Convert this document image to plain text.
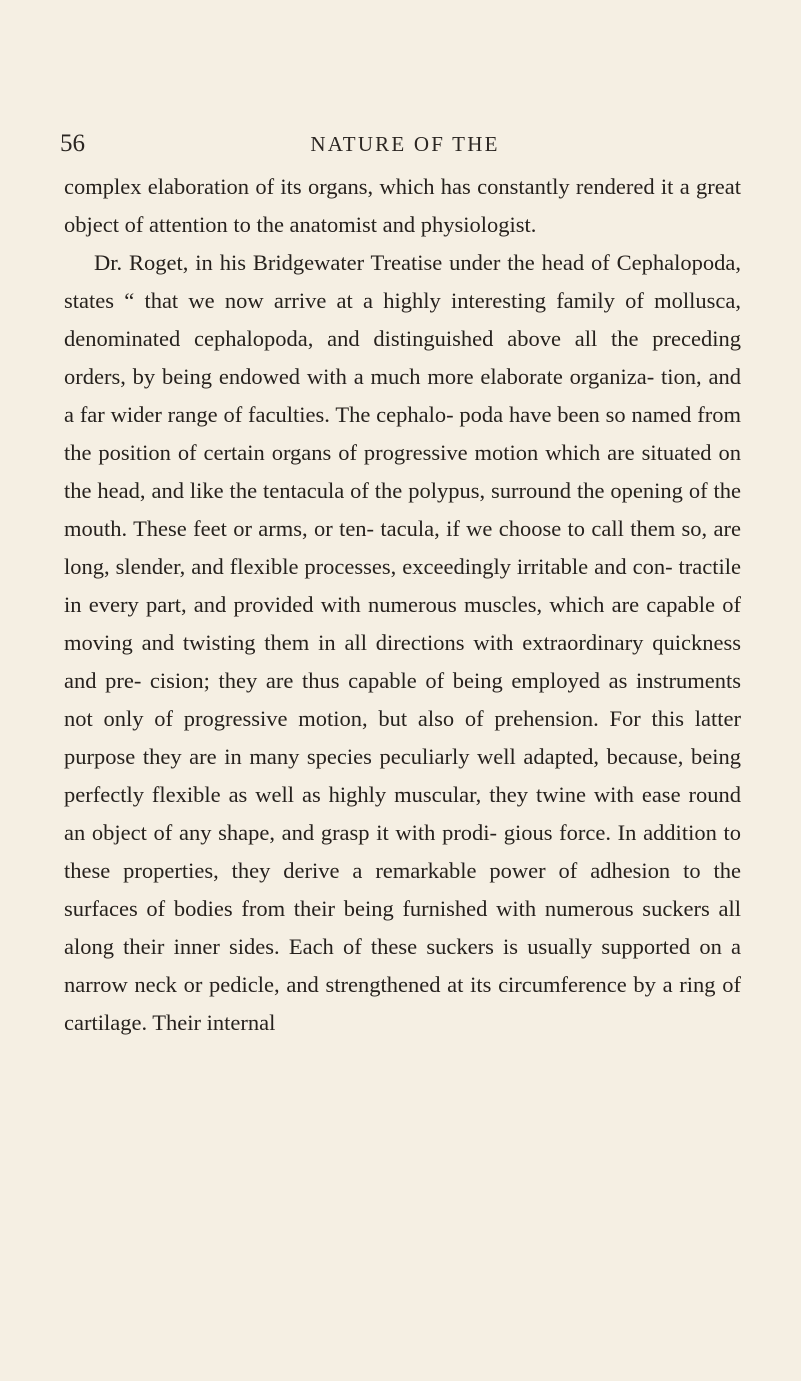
56	NATURE OF THE

complex elaboration of its organs, which has constantly rendered it a great object of attention to the anatomist and physiologist.

Dr. Roget, in his Bridgewater Treatise under the head of Cephalopoda, states “ that we now arrive at a highly interesting family of mollusca, denominated cephalopoda, and distinguished above all the preceding orders, by being endowed with a much more elaborate organiza- tion, and a far wider range of faculties. The cephalo- poda have been so named from the position of certain organs of progressive motion which are situated on the head, and like the tentacula of the polypus, surround the opening of the mouth. These feet or arms, or ten- tacula, if we choose to call them so, are long, slender, and flexible processes, exceedingly irritable and con- tractile in every part, and provided with numerous muscles, which are capable of moving and twisting them in all directions with extraordinary quickness and pre- cision; they are thus capable of being employed as instruments not only of progressive motion, but also of prehension. For this latter purpose they are in many species peculiarly well adapted, because, being perfectly flexible as well as highly muscular, they twine with ease round an object of any shape, and grasp it with prodi- gious force. In addition to these properties, they derive a remarkable power of adhesion to the surfaces of bodies from their being furnished with numerous suckers all along their inner sides. Each of these suckers is usually supported on a narrow neck or pedicle, and strengthened at its circumference by a ring of cartilage. Their internal
